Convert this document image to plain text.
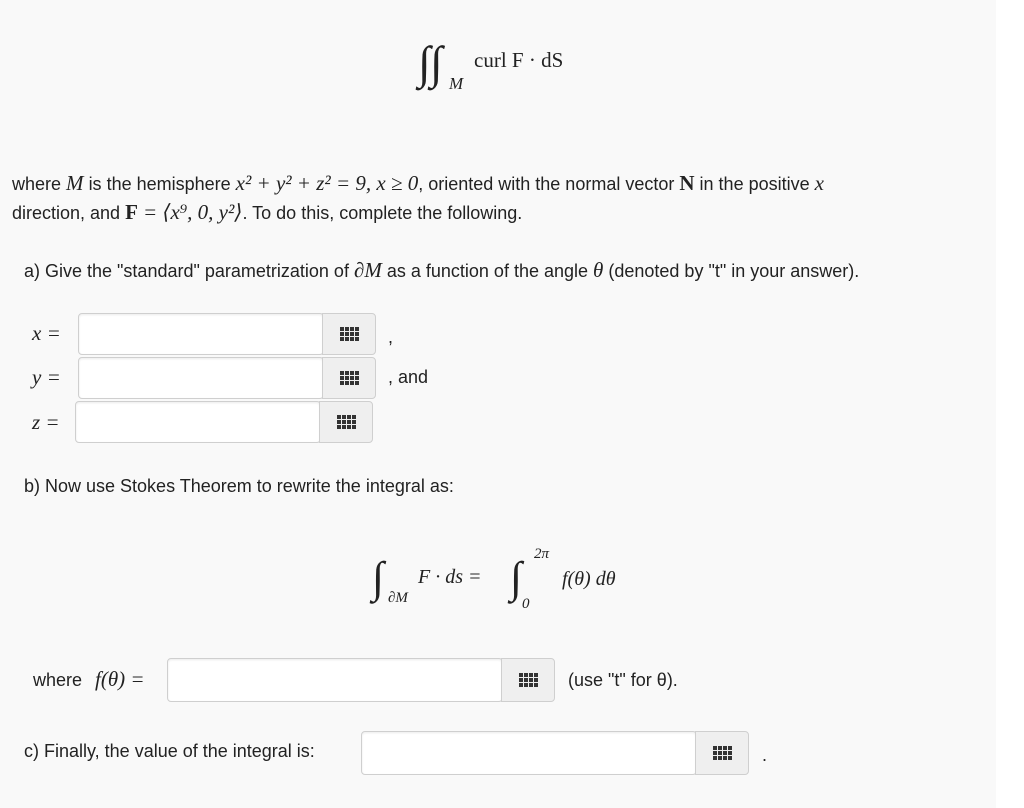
∫ ∫ M
curl F · dS
where M is the hemisphere x² + y² + z² = 9, x ≥ 0, oriented with the normal vector N in the positive x
direction, and F = ⟨x⁹, 0, y²⟩. To do this, complete the following.
a) Give the "standard" parametrization of ∂M as a function of the angle θ (denoted by "t" in your answer).
x =	,
y =	, and
z =
b) Now use Stokes Theorem to rewrite the integral as:
∫ ∂M
F · ds = ∫ 2π
0
f(θ) dθ
where f(θ) =	(use "t" for θ).
c) Finally, the value of the integral is:	.
